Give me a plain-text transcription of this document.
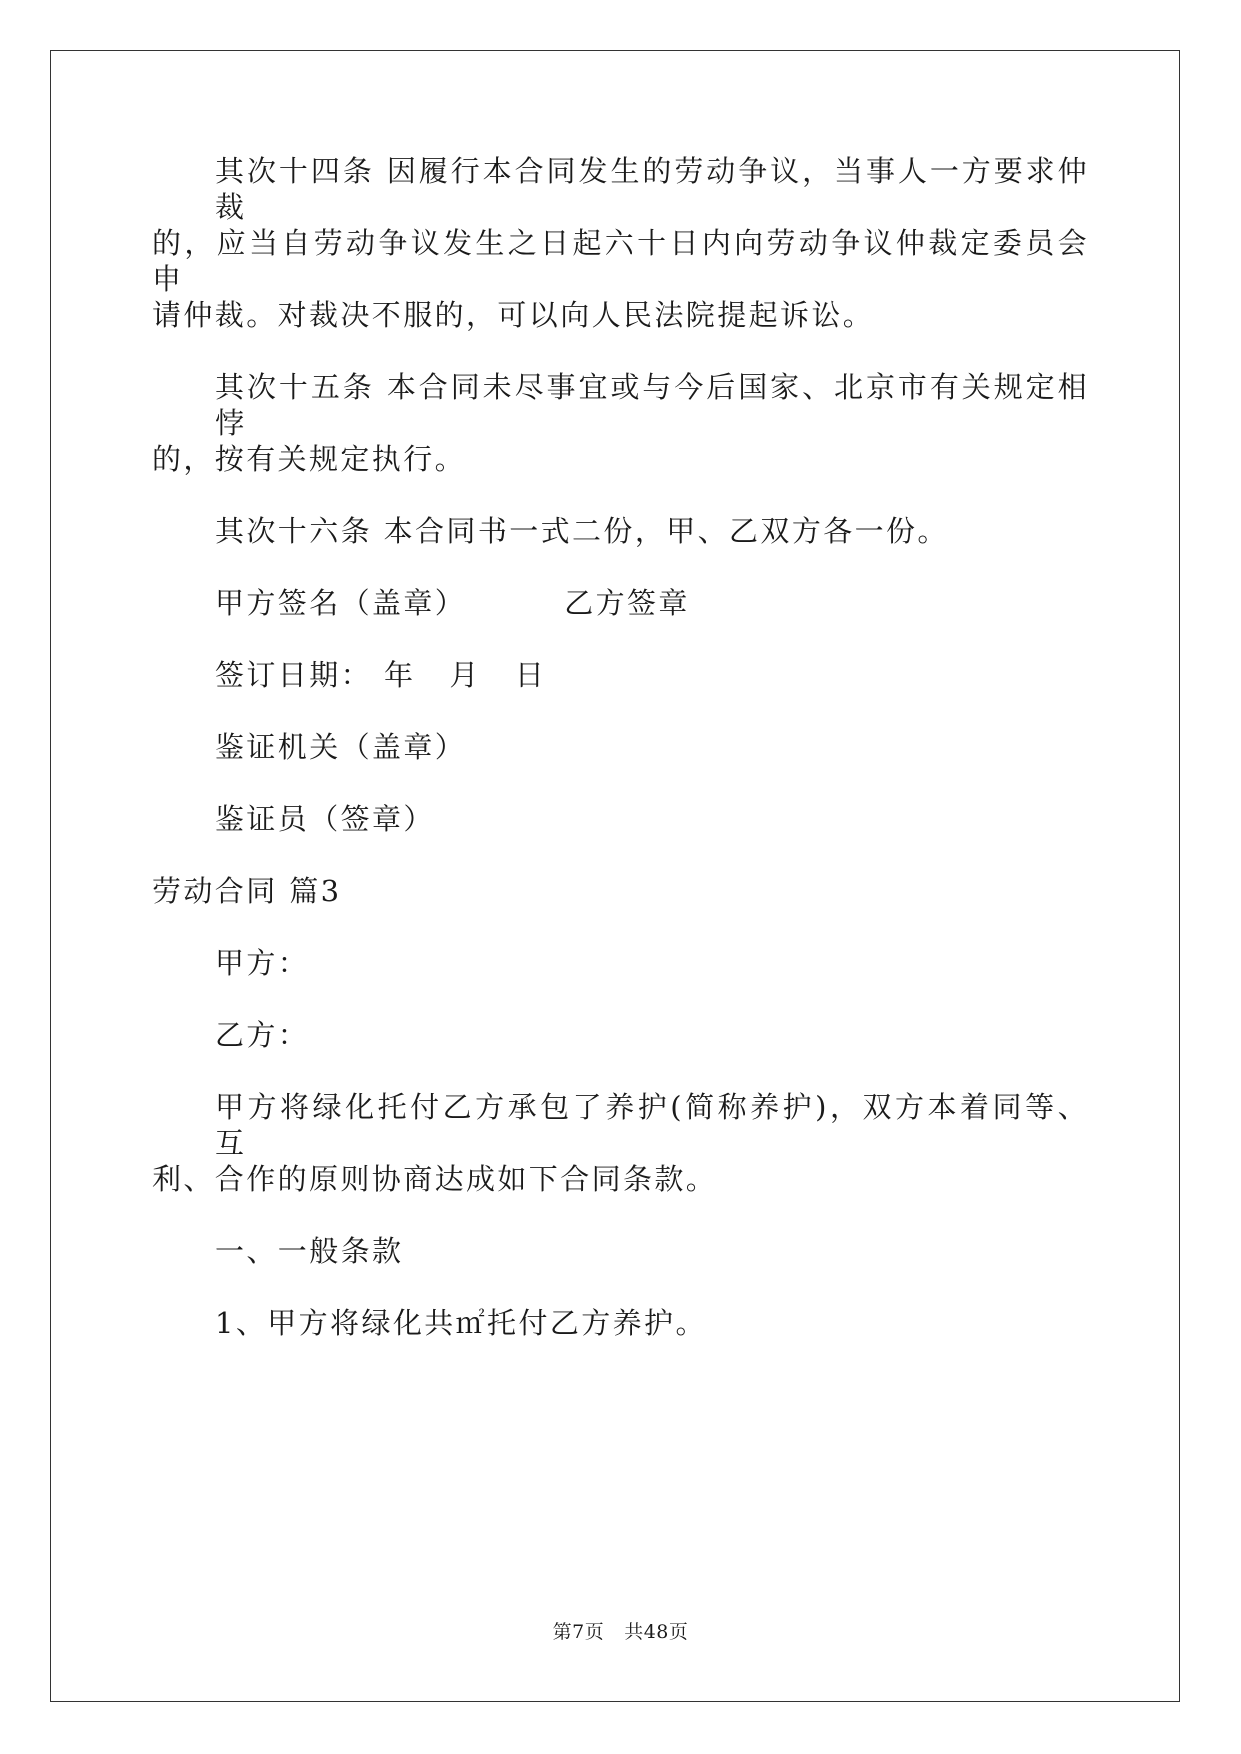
其次十四条 因履行本合同发生的劳动争议，当事人一方要求仲裁
的，应当自劳动争议发生之日起六十日内向劳动争议仲裁定委员会申
请仲裁。对裁决不服的，可以向人民法院提起诉讼。
其次十五条 本合同未尽事宜或与今后国家、北京市有关规定相悖
的，按有关规定执行。
其次十六条 本合同书一式二份，甲、乙双方各一份。
甲方签名（盖章）	乙方签章
签订日期： 年 月 日
鉴证机关（盖章）
鉴证员（签章）
劳动合同 篇3
甲方：
乙方：
甲方将绿化托付乙方承包了养护(简称养护)，双方本着同等、互
利、合作的原则协商达成如下合同条款。
一、一般条款
1、甲方将绿化共㎡托付乙方养护。
第7页 共48页
